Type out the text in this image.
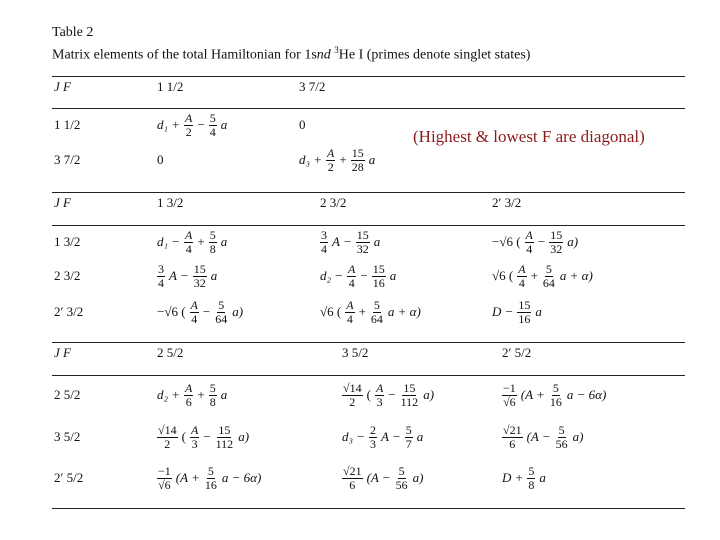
Table 2
Matrix elements of the total Hamiltonian for 1snd $^3$He I (primes denote singlet states)
(Highest & lowest F are diagonal)
J F	1 1/2	3 7/2
1 1/2	$d_1 + \frac{A}{2} - \frac{5}{4}$ a	0
3 7/2	0	$d_3 + \frac{A}{2} + \frac{15}{28}$ a
J F	1 3/2	2 3/2	2′ 3/2
1 3/2	$d_1 - \frac{A}{4} + \frac{5}{8}$ a	$\frac{3}{4}$ $A - \frac{15}{32}$ a	−√6 ( $\frac{A}{4} - \frac{15}{32} a$)
2 3/2	$\frac{3}{4}$ $A - \frac{15}{32}$ a	$d_2 - \frac{A}{4} - \frac{15}{16}$ a	√6 ( $\frac{A}{4} + \frac{5}{64}$ a + α)
2′ 3/2	−√6 ( $\frac{A}{4} - \frac{5}{64} a$)	√6 ( $\frac{A}{4} + \frac{5}{64}$ a + α)	$D - \frac{15}{16}$ a
J F	2 5/2	3 5/2	2′ 5/2
2 5/2	$d_2 + \frac{A}{6} + \frac{5}{8}$ a	$\frac{√14}{2}$ ( $\frac{A}{3} - \frac{15}{112} a$)	$\frac{-1}{√6} (A + \frac{5}{16}$ a − 6α)
3 5/2	$\frac{√14}{2}$ ( $\frac{A}{3} - \frac{15}{112} a$)	$d_3 - \frac{2}{3}$ $A - \frac{5}{7}$ a	$\frac{√21}{6} (A - \frac{5}{56} a)$
2′ 5/2	$\frac{-1}{√6} (A + \frac{5}{16}$ a − 6α)	$\frac{√21}{6} (A - \frac{5}{56} a)$	$D + \frac{5}{8}$ a
